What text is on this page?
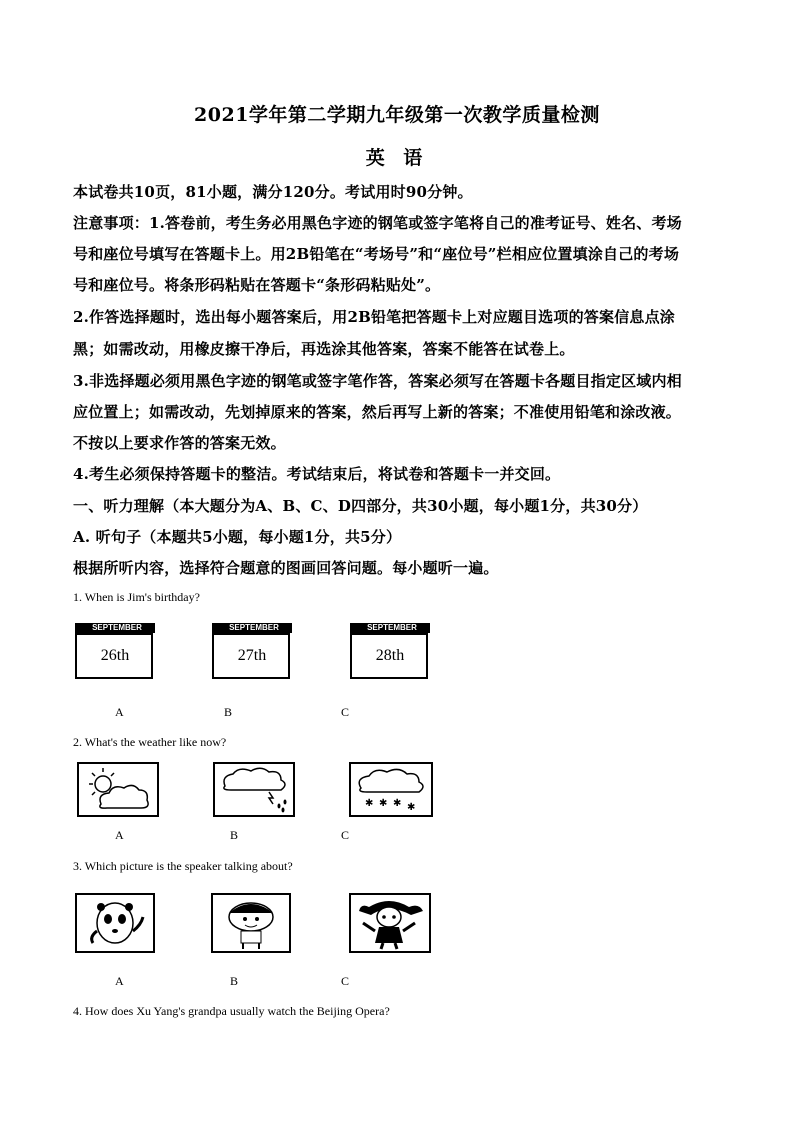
2021学年第二学期九年级第一次教学质量检测
英 语
本试卷共10页，81小题，满分120分。考试用时90分钟。
注意事项：1.答卷前，考生务必用黑色字迹的钢笔或签字笔将自己的准考证号、姓名、考场
号和座位号填写在答题卡上。用2B铅笔在“考场号”和“座位号”栏相应位置填涂自己的考场
号和座位号。将条形码粘贴在答题卡“条形码粘贴处”。
2.作答选择题时，选出每小题答案后，用2B铅笔把答题卡上对应题目选项的答案信息点涂
黑；如需改动，用橡皮擦干净后，再选涂其他答案，答案不能答在试卷上。
3.非选择题必须用黑色字迹的钢笔或签字笔作答，答案必须写在答题卡各题目指定区域内相
应位置上；如需改动，先划掉原来的答案，然后再写上新的答案；不准使用铅笔和涂改液。
不按以上要求作答的答案无效。
4.考生必须保持答题卡的整洁。考试结束后，将试卷和答题卡一并交回。
一、听力理解（本大题分为A、B、C、D四部分，共30小题，每小题1分，共30分）
A. 听句子（本题共5小题，每小题1分，共5分）
根据所听内容，选择符合题意的图画回答问题。每小题听一遍。
1. When is Jim's birthday?
SEPTEMBER
26th
SEPTEMBER
27th
SEPTEMBER
28th
A	B	C
2. What's the weather like now?
✱ ✱ ✱ ✱
A	B	C
3. Which picture is the speaker talking about?
A	B	C
4. How does Xu Yang's grandpa usually watch the Beijing Opera?
